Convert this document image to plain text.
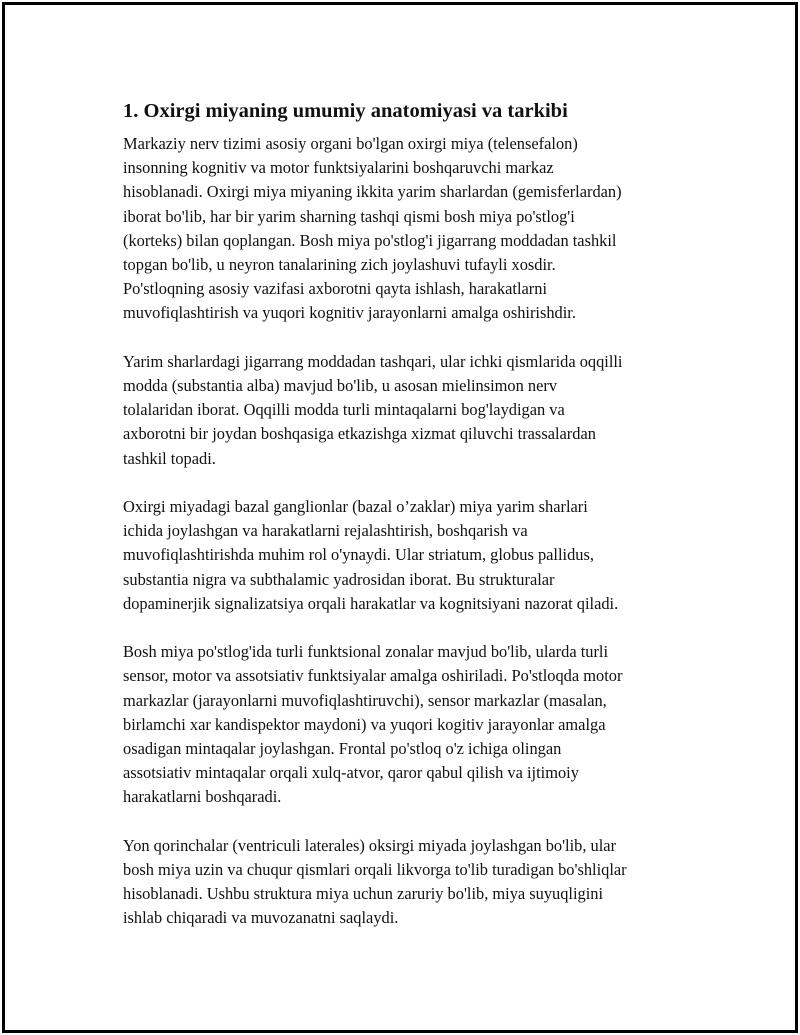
1. Oxirgi miyaning umumiy anatomiyasi va tarkibi

Markaziy nerv tizimi asosiy organi bo'lgan oxirgi miya (telensefalon)
insonning kognitiv va motor funktsiyalarini boshqaruvchi markaz
hisoblanadi. Oxirgi miya miyaning ikkita yarim sharlardan (gemisferlardan)
iborat bo'lib, har bir yarim sharning tashqi qismi bosh miya po'stlog'i
(korteks) bilan qoplangan. Bosh miya po'stlog'i jigarrang moddadan tashkil
topgan bo'lib, u neyron tanalarining zich joylashuvi tufayli xosdir.
Po'stloqning asosiy vazifasi axborotni qayta ishlash, harakatlarni
muvofiqlashtirish va yuqori kognitiv jarayonlarni amalga oshirishdir.

Yarim sharlardagi jigarrang moddadan tashqari, ular ichki qismlarida oqqilli
modda (substantia alba) mavjud bo'lib, u asosan mielinsimon nerv
tolalaridan iborat. Oqqilli modda turli mintaqalarni bog'laydigan va
axborotni bir joydan boshqasiga etkazishga xizmat qiluvchi trassalardan
tashkil topadi.

Oxirgi miyadagi bazal ganglionlar (bazal o’zaklar) miya yarim sharlari
ichida joylashgan va harakatlarni rejalashtirish, boshqarish va
muvofiqlashtirishda muhim rol o'ynaydi. Ular striatum, globus pallidus,
substantia nigra va subthalamic yadrosidan iborat. Bu strukturalar
dopaminerjik signalizatsiya orqali harakatlar va kognitsiyani nazorat qiladi.

Bosh miya po'stlog'ida turli funktsional zonalar mavjud bo'lib, ularda turli
sensor, motor va assotsiativ funktsiyalar amalga oshiriladi. Po'stloqda motor
markazlar (jarayonlarni muvofiqlashtiruvchi), sensor markazlar (masalan,
birlamchi xar kandispektor maydoni) va yuqori kogitiv jarayonlar amalga
osadigan mintaqalar joylashgan. Frontal po'stloq o'z ichiga olingan
assotsiativ mintaqalar orqali xulq-atvor, qaror qabul qilish va ijtimoiy
harakatlarni boshqaradi.

Yon qorinchalar (ventriculi laterales) oksirgi miyada joylashgan bo'lib, ular
bosh miya uzin va chuqur qismlari orqali likvorga to'lib turadigan bo'shliqlar
hisoblanadi. Ushbu struktura miya uchun zaruriy bo'lib, miya suyuqligini
ishlab chiqaradi va muvozanatni saqlaydi.
